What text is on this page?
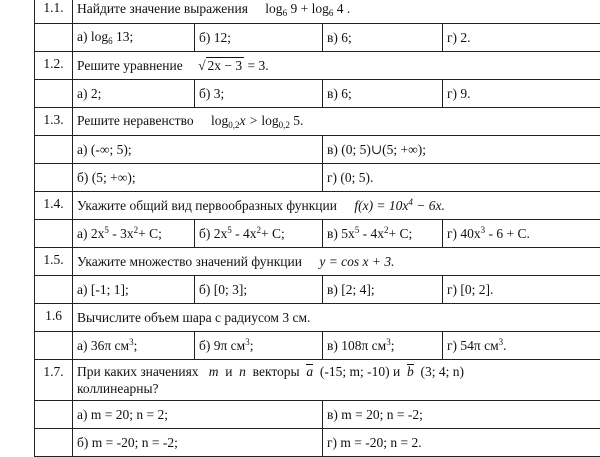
1.1.	Найдите значение выражения $\log_6 9 + \log_6 4$ .			
	а) $\log_6 13$;	б) 12;	в) 6;	г) 2.
1.2.	Решите уравнение √ 2x − 3 = 3.			
	а) 2;	б) 3;	в) 6;	г) 9.
1.3.	Решите неравенство $\log_{0,2}x > \log_{0,2} 5$.			
	а) (-∞; 5);		в) (0; 5)∪(5; +∞);	
	б) (5; +∞);		г) (0; 5).	
1.4.	Укажите общий вид первообразных функции $f(x) = 10x^4 - 6x$.			
	а) $2x^5 - 3x^2+ C$;	б) $2x^5 - 4x^2+ C$;	в) $5x^5 - 4x^2+ C$;	г) $40x^3 - 6 + C$.
1.5.	Укажите множество значений функции y = cos x + 3.			
	а) [-1; 1];	б) [0; 3];	в) [2; 4];	г) [0; 2].
1.6	Вычислите объем шара с радиусом 3 см.			
	а) 36π $см^3$;	б) 9π $см^3$;	в) 108π $см^3$;	г) 54π $см^3$.
1.7.	При каких значениях m и n векторы a (-15; m; -10) и b (3; 4; n)
коллинеарны?			
	а) m = 20; n = 2;		в) m = 20; n = -2;	
	б) m = -20; n = -2;		г) m = -20; n = 2.	
